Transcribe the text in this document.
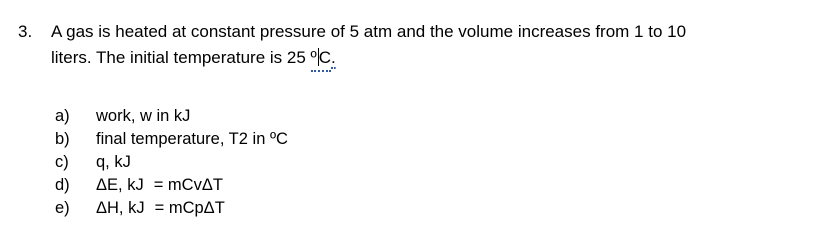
3. A gas is heated at constant pressure of 5 atm and the volume increases from 1 to 10
liters. The initial temperature is 25 º C.
a) work, w in kJ
b) final temperature, T2 in ºC
c) q, kJ
d) ΔE, kJ = mCvΔT
e) ΔH, kJ = mCpΔT
